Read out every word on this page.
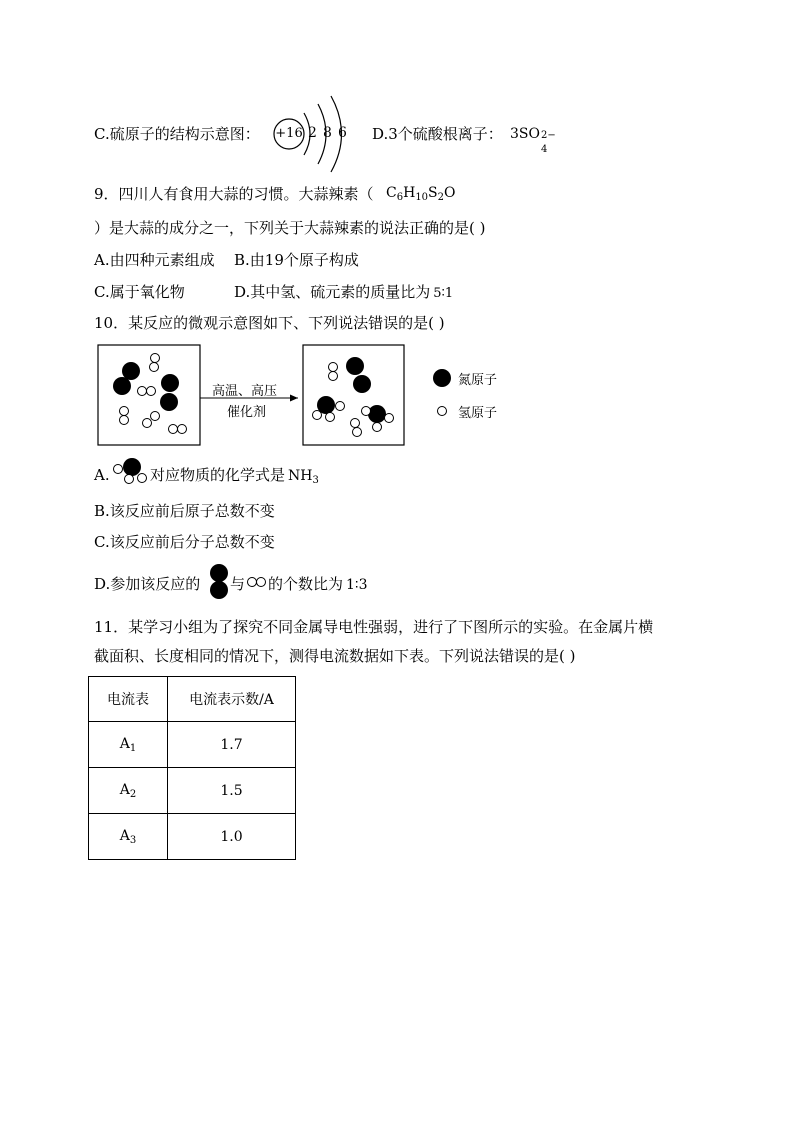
C.硫原子的结构示意图： +16 2 8 6 D.3个硫酸根离子： 3SO 2−
4
9．四川人有食用大蒜的习惯。大蒜辣素（ $C_6H_{10}S_2O$
）是大蒜的成分之一，下列关于大蒜辣素的说法正确的是( )
A.由四种元素组成 B.由19个原子构成
C.属于氧化物	D.其中氢、硫元素的质量比为 5∶1
10．某反应的微观示意图如下、下列说法错误的是( )
高温、高压
催化剂
氮原子
氢原子
A.	对应物质的化学式是 $NH_3$
B.该反应前后原子总数不变
C.该反应前后分子总数不变
D.参加该反应的 与 的个数比为 1∶3
11．某学习小组为了探究不同金属导电性强弱，进行了下图所示的实验。在金属片横
截面积、长度相同的情况下，测得电流数据如下表。下列说法错误的是( )
电流表	电流表示数/A
$A_1$	1.7
$A_2$	1.5
$A_3$	1.0
